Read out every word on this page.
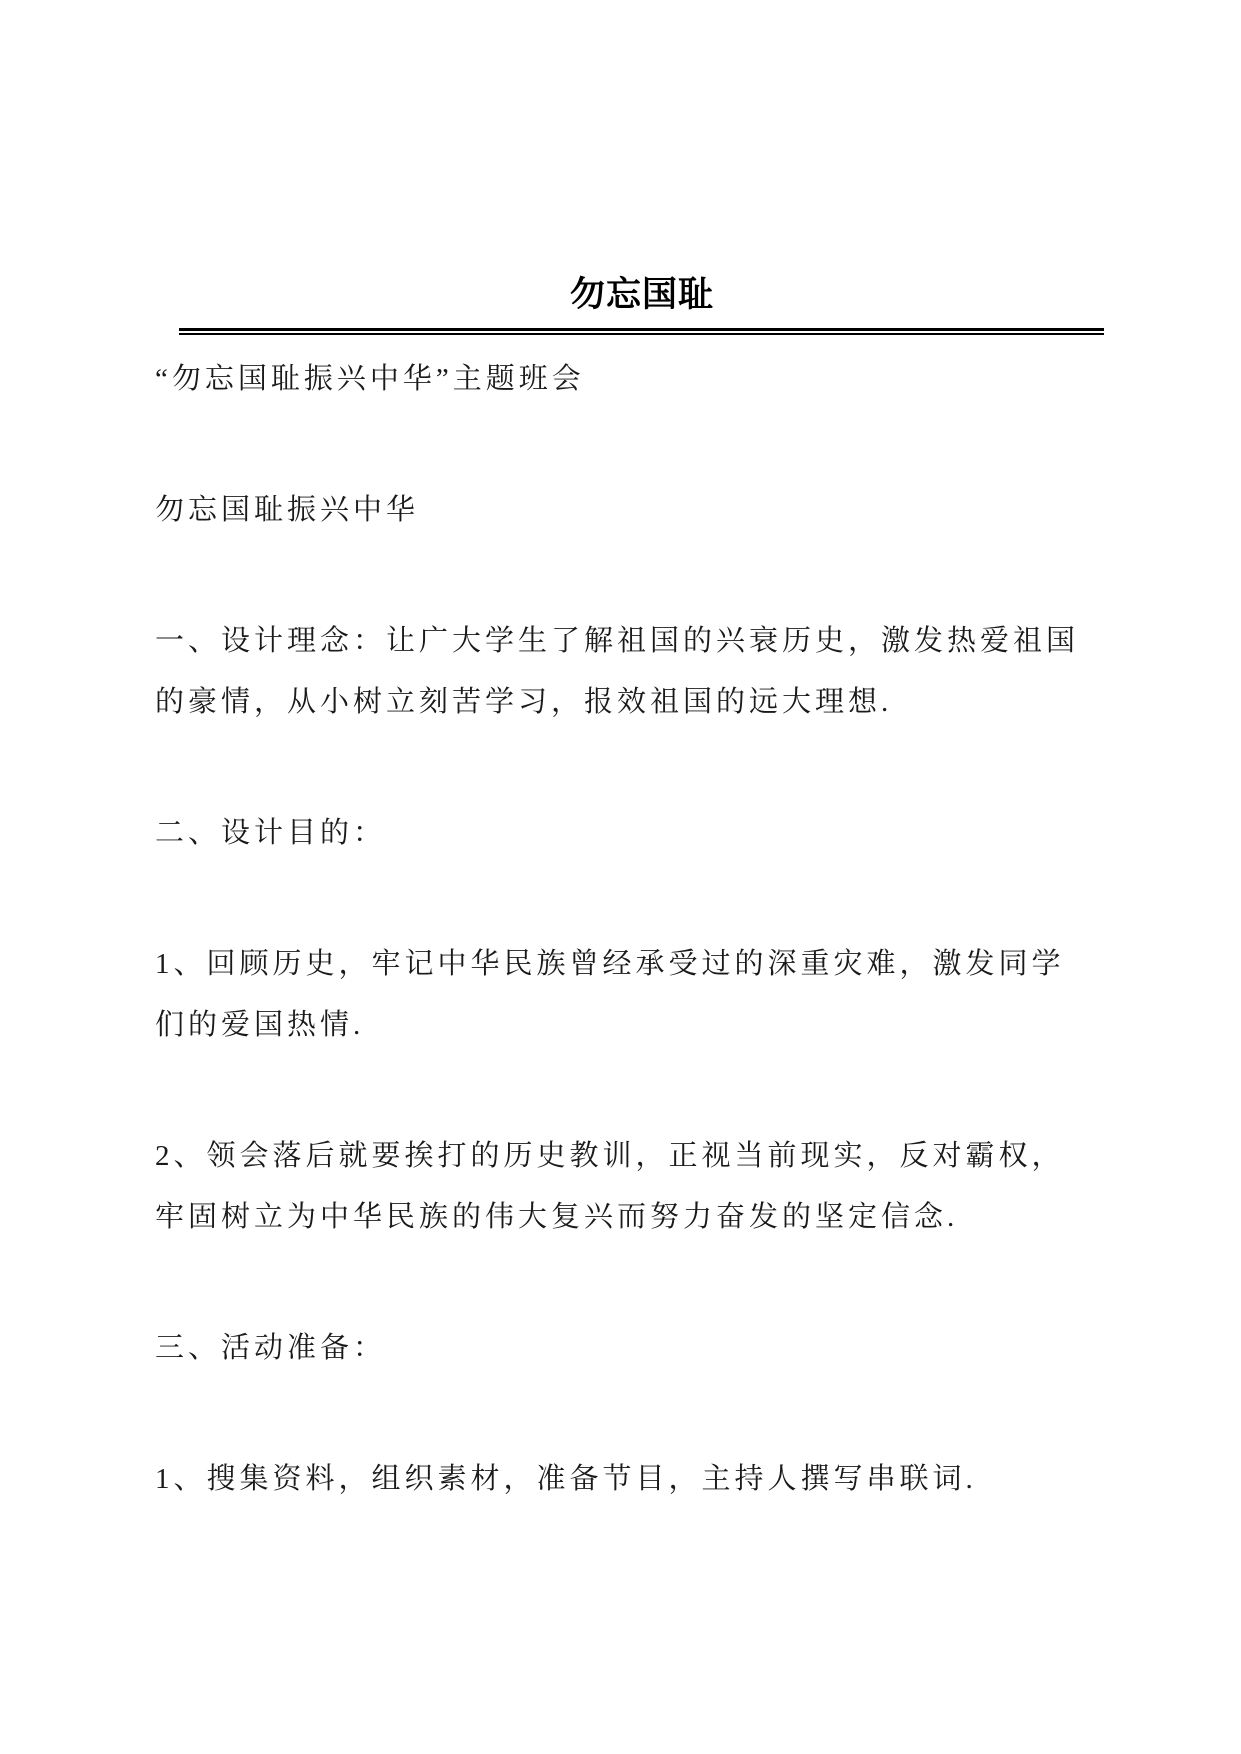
勿忘国耻

“勿忘国耻振兴中华”主题班会

勿忘国耻振兴中华

一、设计理念：让广大学生了解祖国的兴衰历史，激发热爱祖国
的豪情，从小树立刻苦学习，报效祖国的远大理想.

二、设计目的：

1、回顾历史，牢记中华民族曾经承受过的深重灾难，激发同学
们的爱国热情.

2、领会落后就要挨打的历史教训，正视当前现实，反对霸权，
牢固树立为中华民族的伟大复兴而努力奋发的坚定信念.

三、活动准备：

1、搜集资料，组织素材，准备节目，主持人撰写串联词.
